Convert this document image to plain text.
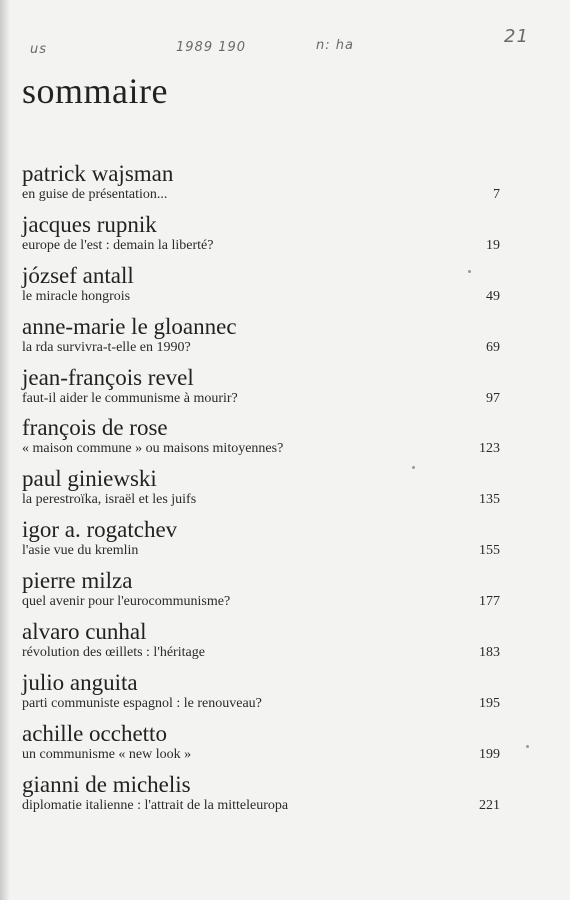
us	1989 190	n: ha	21
sommaire
patrick wajsman
en guise de présentation...	7
jacques rupnik
europe de l'est : demain la liberté?	19
józsef antall
le miracle hongrois	49
anne-marie le gloannec
la rda survivra-t-elle en 1990?	69
jean-françois revel
faut-il aider le communisme à mourir?	97
françois de rose
« maison commune » ou maisons mitoyennes?	123
paul giniewski
la perestroïka, israël et les juifs	135
igor a. rogatchev
l'asie vue du kremlin	155
pierre milza
quel avenir pour l'eurocommunisme?	177
alvaro cunhal
révolution des œillets : l'héritage	183
julio anguita
parti communiste espagnol : le renouveau?	195
achille occhetto
un communisme « new look »	199
gianni de michelis
diplomatie italienne : l'attrait de la mitteleuropa	221
